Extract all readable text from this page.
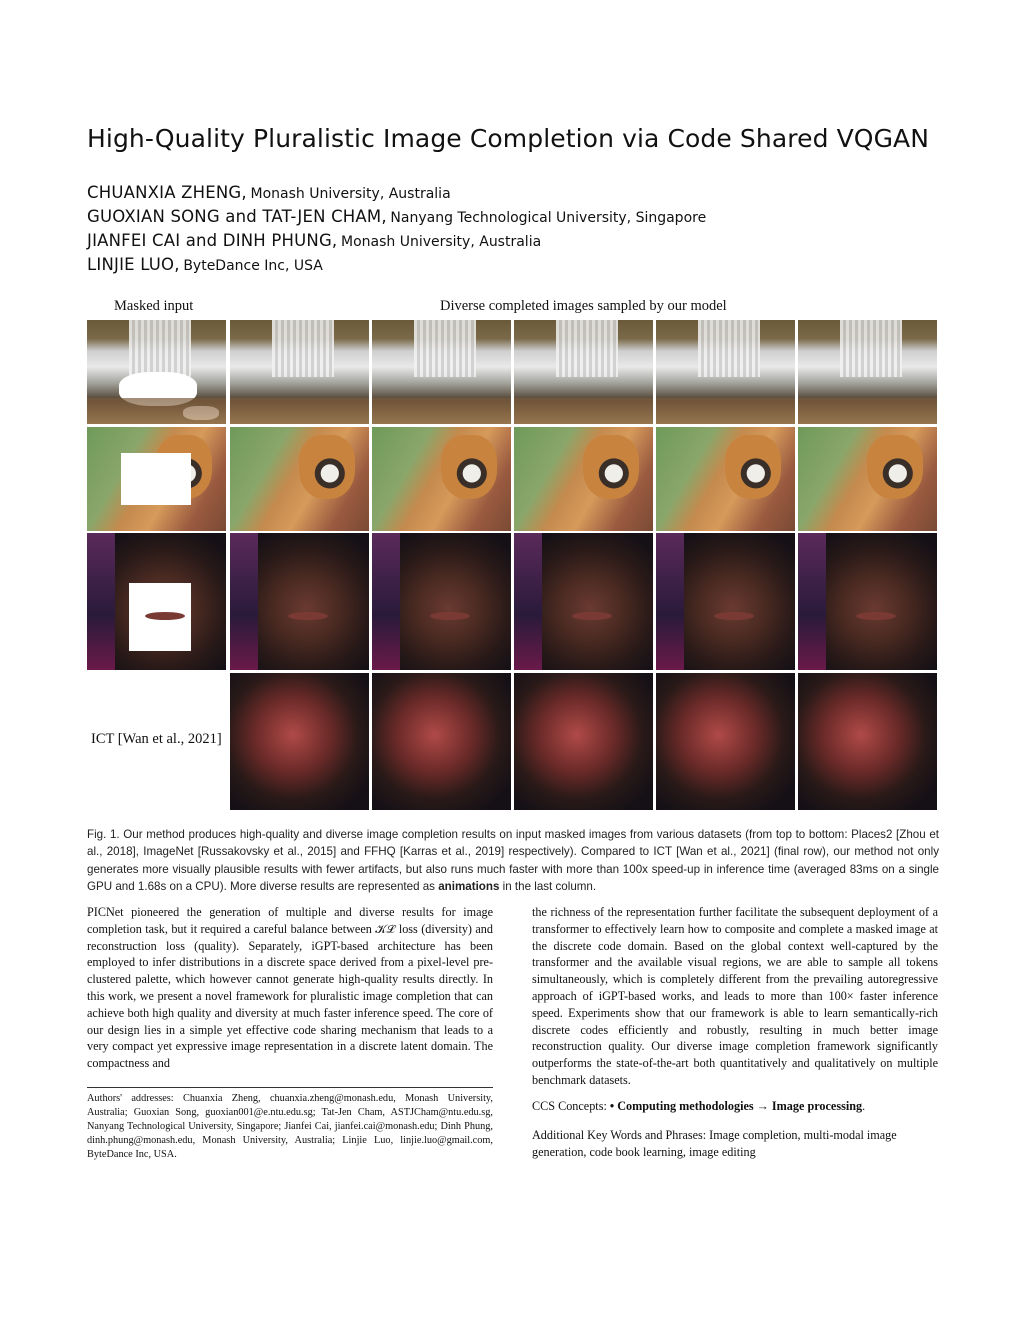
High-Quality Pluralistic Image Completion via Code Shared VQGAN
CHUANXIA ZHENG, Monash University, Australia
GUOXIAN SONG and TAT-JEN CHAM, Nanyang Technological University, Singapore
JIANFEI CAI and DINH PHUNG, Monash University, Australia
LINJIE LUO, ByteDance Inc, USA
Masked input	Diverse completed images sampled by our model
ICT [Wan et al., 2021]
Fig. 1. Our method produces high-quality and diverse image completion results on input masked images from various datasets (from top to bottom: Places2 [Zhou et al., 2018], ImageNet [Russakovsky et al., 2015] and FFHQ [Karras et al., 2019] respectively). Compared to ICT [Wan et al., 2021] (final row), our method not only generates more visually plausible results with fewer artifacts, but also runs much faster with more than 100x speed-up in inference time (averaged 83ms on a single GPU and 1.68s on a CPU). More diverse results are represented as animations in the last column.
PICNet pioneered the generation of multiple and diverse results for image completion task, but it required a careful balance between 𝒦ℒ loss (diversity) and reconstruction loss (quality). Separately, iGPT-based architecture has been employed to infer distributions in a discrete space derived from a pixel-level pre-clustered palette, which however cannot generate high-quality results directly. In this work, we present a novel framework for pluralistic image completion that can achieve both high quality and diversity at much faster inference speed. The core of our design lies in a simple yet effective code sharing mechanism that leads to a very compact yet expressive image representation in a discrete latent domain. The compactness and
the richness of the representation further facilitate the subsequent deployment of a transformer to effectively learn how to composite and complete a masked image at the discrete code domain. Based on the global context well-captured by the transformer and the available visual regions, we are able to sample all tokens simultaneously, which is completely different from the prevailing autoregressive approach of iGPT-based works, and leads to more than 100× faster inference speed. Experiments show that our framework is able to learn semantically-rich discrete codes efficiently and robustly, resulting in much better image reconstruction quality. Our diverse image completion framework significantly outperforms the state-of-the-art both quantitatively and qualitatively on multiple benchmark datasets.
Authors' addresses: Chuanxia Zheng, chuanxia.zheng@monash.edu, Monash University, Australia; Guoxian Song, guoxian001@e.ntu.edu.sg; Tat-Jen Cham, ASTJCham@ntu.edu.sg, Nanyang Technological University, Singapore; Jianfei Cai, jianfei.cai@monash.edu; Dinh Phung, dinh.phung@monash.edu, Monash University, Australia; Linjie Luo, linjie.luo@gmail.com, ByteDance Inc, USA.
CCS Concepts: • Computing methodologies → Image processing.
Additional Key Words and Phrases: Image completion, multi-modal image generation, code book learning, image editing
